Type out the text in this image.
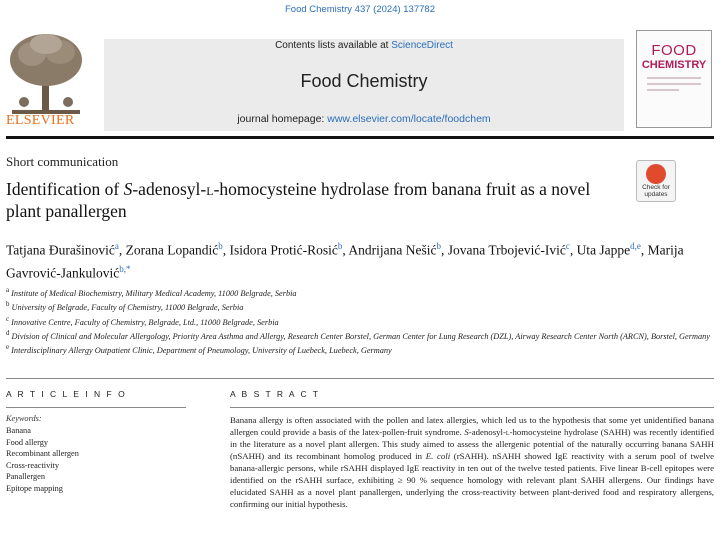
Food Chemistry 437 (2024) 137782
ELSEVIER
Contents lists available at ScienceDirect
Food Chemistry
journal homepage: www.elsevier.com/locate/foodchem
FOOD
CHEMISTRY
Short communication
Identification of S-adenosyl-l-homocysteine hydrolase from banana fruit as a novel plant panallergen
Check for
updates
Tatjana Đurašinović$^a$, Zorana Lopandić$^b$, Isidora Protić-Rosić$^b$, Andrijana Nešić$^b$, Jovana Trbojević-Ivić$^c$, Uta Jappe$^{d,e}$, Marija Gavrović-Jankulović$^{b,*}$
$^a$ Institute of Medical Biochemistry, Military Medical Academy, 11000 Belgrade, Serbia
$^b$ University of Belgrade, Faculty of Chemistry, 11000 Belgrade, Serbia
$^c$ Innovative Centre, Faculty of Chemistry, Belgrade, Ltd., 11000 Belgrade, Serbia
$^d$ Division of Clinical and Molecular Allergology, Priority Area Asthma and Allergy, Research Center Borstel, German Center for Lung Research (DZL), Airway Research Center North (ARCN), Borstel, Germany
$^e$ Interdisciplinary Allergy Outpatient Clinic, Department of Pneumology, University of Luebeck, Luebeck, Germany
A R T I C L E I N F O
Keywords:
Banana
Food allergy
Recombinant allergen
Cross-reactivity
Panallergen
Epitope mapping
A B S T R A C T
Banana allergy is often associated with the pollen and latex allergies, which led us to the hypothesis that some yet unidentified banana allergen could provide a basis of the latex-pollen-fruit syndrome. S-adenosyl-l-homocysteine hydrolase (SAHH) was recently identified in the literature as a novel plant allergen. This study aimed to assess the allergenic potential of the naturally occurring banana SAHH (nSAHH) and its recombinant homolog produced in E. coli (rSAHH). nSAHH showed IgE reactivity with a serum pool of twelve banana-allergic persons, while rSAHH displayed IgE reactivity in ten out of the twelve tested patients. Five linear B-cell epitopes were identified on the rSAHH surface, exhibiting ≥ 90 % sequence homology with relevant plant SAHH allergens. Our findings have elucidated SAHH as a novel plant panallergen, underlying the cross-reactivity between plant-derived food and respiratory allergens, confirming our initial hypothesis.
